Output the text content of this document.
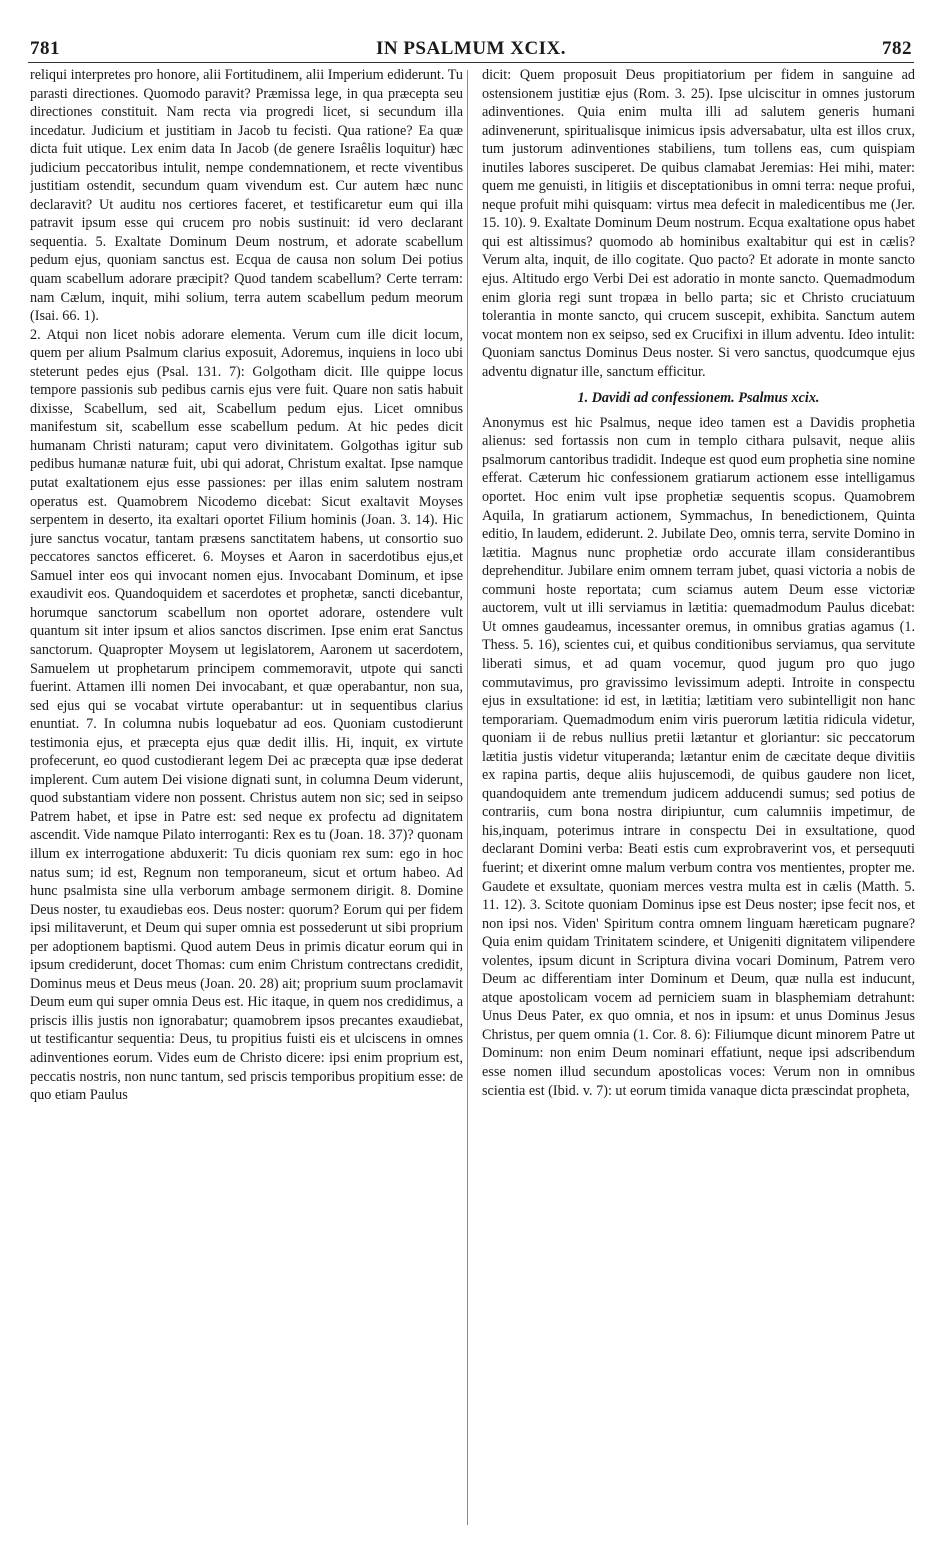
781	IN PSALMUM XCIX.	782

reliqui interpretes pro honore, alii Fortitudinem, alii Imperium ediderunt. Tu parasti directiones. Quomodo paravit? Præmissa lege, in qua præcepta seu directiones constituit. Nam recta via progredi licet, si secundum illa incedatur. Judicium et justitiam in Jacob tu fecisti. Qua ratione? Ea quæ dicta fuit utique. Lex enim data In Jacob (de genere Israêlis loquitur) hæc judicium peccatoribus intulit, nempe condemnationem, et recte viventibus justitiam ostendit, secundum quam vivendum est. Cur autem hæc nunc declaravit? Ut auditu nos certiores faceret, et testificaretur eum qui illa patravit ipsum esse qui crucem pro nobis sustinuit: id vero declarant sequentia. 5. Exaltate Dominum Deum nostrum, et adorate scabellum pedum ejus, quoniam sanctus est. Ecqua de causa non solum Dei potius quam scabellum adorare præcipit? Quod tandem scabellum? Certe terram: nam Cælum, inquit, mihi solium, terra autem scabellum pedum meorum (Isai. 66. 1).

2. Atqui non licet nobis adorare elementa. Verum cum ille dicit locum, quem per alium Psalmum clarius exposuit, Adoremus, inquiens in loco ubi steterunt pedes ejus (Psal. 131. 7): Golgotham dicit. Ille quippe locus tempore passionis sub pedibus carnis ejus vere fuit. Quare non satis habuit dixisse, Scabellum, sed ait, Scabellum pedum ejus. Licet omnibus manifestum sit, scabellum esse scabellum pedum. At hic pedes dicit humanam Christi naturam; caput vero divinitatem. Golgothas igitur sub pedibus humanæ naturæ fuit, ubi qui adorat, Christum exaltat. Ipse namque putat exaltationem ejus esse passiones: per illas enim salutem nostram operatus est. Quamobrem Nicodemo dicebat: Sicut exaltavit Moyses serpentem in deserto, ita exaltari oportet Filium hominis (Joan. 3. 14). Hic jure sanctus vocatur, tantam præsens sanctitatem habens, ut consortio suo peccatores sanctos efficeret. 6. Moyses et Aaron in sacerdotibus ejus,et Samuel inter eos qui invocant nomen ejus. Invocabant Dominum, et ipse exaudivit eos. Quandoquidem et sacerdotes et prophetæ, sancti dicebantur, horumque sanctorum scabellum non oportet adorare, ostendere vult quantum sit inter ipsum et alios sanctos discrimen. Ipse enim erat Sanctus sanctorum. Quapropter Moysem ut legislatorem, Aaronem ut sacerdotem, Samuelem ut prophetarum principem commemoravit, utpote qui sancti fuerint. Attamen illi nomen Dei invocabant, et quæ operabantur, non sua, sed ejus qui se vocabat virtute operabantur: ut in sequentibus clarius enuntiat. 7. In columna nubis loquebatur ad eos. Quoniam custodierunt testimonia ejus, et præcepta ejus quæ dedit illis. Hi, inquit, ex virtute profecerunt, eo quod custodierant legem Dei ac præcepta quæ ipse dederat implerent. Cum autem Dei visione dignati sunt, in columna Deum viderunt, quod substantiam videre non possent. Christus autem non sic; sed in seipso Patrem habet, et ipse in Patre est: sed neque ex profectu ad dignitatem ascendit. Vide namque Pilato interroganti: Rex es tu (Joan. 18. 37)? quonam illum ex interrogatione abduxerit: Tu dicis quoniam rex sum: ego in hoc natus sum; id est, Regnum non temporaneum, sicut et ortum habeo. Ad hunc psalmista sine ulla verborum ambage sermonem dirigit. 8. Domine Deus noster, tu exaudiebas eos. Deus noster: quorum? Eorum qui per fidem ipsi militaverunt, et Deum qui super omnia est possederunt ut sibi proprium per adoptionem baptismi. Quod autem Deus in primis dicatur eorum qui in ipsum crediderunt, docet Thomas: cum enim Christum contrectans credidit, Dominus meus et Deus meus (Joan. 20. 28) ait; proprium suum proclamavit Deum eum qui super omnia Deus est. Hic itaque, in quem nos credidimus, a priscis illis justis non ignorabatur; quamobrem ipsos precantes exaudiebat, ut testificantur sequentia: Deus, tu propitius fuisti eis et ulciscens in omnes adinventiones eorum. Vides eum de Christo dicere: ipsi enim proprium est, peccatis nostris, non nunc tantum, sed priscis temporibus propitium esse: de quo etiam Paulus

dicit: Quem proposuit Deus propitiatorium per fidem in sanguine ad ostensionem justitiæ ejus (Rom. 3. 25). Ipse ulciscitur in omnes justorum adinventiones. Quia enim multa illi ad salutem generis humani adinvenerunt, spiritualisque inimicus ipsis adversabatur, ulta est illos crux, tum justorum adinventiones stabiliens, tum tollens eas, cum quispiam inutiles labores susciperet. De quibus clamabat Jeremias: Hei mihi, mater: quem me genuisti, in litigiis et disceptationibus in omni terra: neque profui, neque profuit mihi quisquam: virtus mea defecit in maledicentibus me (Jer. 15. 10). 9. Exaltate Dominum Deum nostrum. Ecqua exaltatione opus habet qui est altissimus? quomodo ab hominibus exaltabitur qui est in cælis? Verum alta, inquit, de illo cogitate. Quo pacto? Et adorate in monte sancto ejus. Altitudo ergo Verbi Dei est adoratio in monte sancto. Quemadmodum enim gloria regi sunt tropæa in bello parta; sic et Christo cruciatuum tolerantia in monte sancto, qui crucem suscepit, exhibita. Sanctum autem vocat montem non ex seipso, sed ex Crucifixi in illum adventu. Ideo intulit: Quoniam sanctus Dominus Deus noster. Si vero sanctus, quodcumque ejus adventu dignatur ille, sanctum efficitur.

1. Davidi ad confessionem. Psalmus xcix.

Anonymus est hic Psalmus, neque ideo tamen est a Davidis prophetia alienus: sed fortassis non cum in templo cithara pulsavit, neque aliis psalmorum cantoribus tradidit. Indeque est quod eum prophetia sine nomine efferat. Cæterum hic confessionem gratiarum actionem esse intelligamus oportet. Hoc enim vult ipse prophetiæ sequentis scopus. Quamobrem Aquila, In gratiarum actionem, Symmachus, In benedictionem, Quinta editio, In laudem, ediderunt. 2. Jubilate Deo, omnis terra, servite Domino in lætitia. Magnus nunc prophetiæ ordo accurate illam considerantibus deprehenditur. Jubilare enim omnem terram jubet, quasi victoria a nobis de communi hoste reportata; cum sciamus autem Deum esse victoriæ auctorem, vult ut illi serviamus in lætitia: quemadmodum Paulus dicebat: Ut omnes gaudeamus, incessanter oremus, in omnibus gratias agamus (1. Thess. 5. 16), scientes cui, et quibus conditionibus serviamus, qua servitute liberati simus, et ad quam vocemur, quod jugum pro quo jugo commutavimus, pro gravissimo levissimum adepti. Introite in conspectu ejus in exsultatione: id est, in lætitia; lætitiam vero subintelligit non hanc temporariam. Quemadmodum enim viris puerorum lætitia ridicula videtur, quoniam ii de rebus nullius pretii lætantur et gloriantur: sic peccatorum lætitia justis videtur vituperanda; lætantur enim de cæcitate deque divitiis ex rapina partis, deque aliis hujuscemodi, de quibus gaudere non licet, quandoquidem ante tremendum judicem adducendi sumus; sed potius de contrariis, cum bona nostra diripiuntur, cum calumniis impetimur, de his,inquam, poterimus intrare in conspectu Dei in exsultatione, quod declarant Domini verba: Beati estis cum exprobraverint vos, et persequuti fuerint; et dixerint omne malum verbum contra vos mentientes, propter me. Gaudete et exsultate, quoniam merces vestra multa est in cælis (Matth. 5. 11. 12). 3. Scitote quoniam Dominus ipse est Deus noster; ipse fecit nos, et non ipsi nos. Viden' Spiritum contra omnem linguam hæreticam pugnare? Quia enim quidam Trinitatem scindere, et Unigeniti dignitatem vilipendere volentes, ipsum dicunt in Scriptura divina vocari Dominum, Patrem vero Deum ac differentiam inter Dominum et Deum, quæ nulla est inducunt, atque apostolicam vocem ad perniciem suam in blasphemiam detrahunt: Unus Deus Pater, ex quo omnia, et nos in ipsum: et unus Dominus Jesus Christus, per quem omnia (1. Cor. 8. 6): Filiumque dicunt minorem Patre ut Dominum: non enim Deum nominari effatiunt, neque ipsi adscribendum esse nomen illud secundum apostolicas voces: Verum non in omnibus scientia est (Ibid. v. 7): ut eorum timida vanaque dicta præscindat propheta,
